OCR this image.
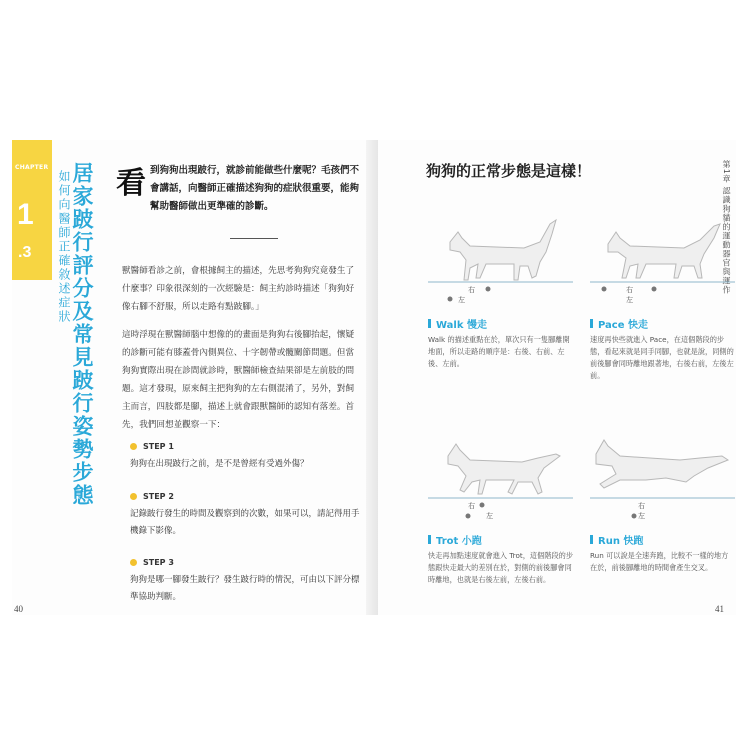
CHAPTER
1
.3 居家跛行評分及常見跛行姿勢步態
如何向醫師正確敘述症狀 看 到狗狗出現跛行，就診前能做些什麼呢？毛孩們不會講話，向醫師正確描述狗狗的症狀很重要，能夠幫助醫師做出更準確的診斷。
獸醫師看診之前，會根據飼主的描述，先思考狗狗究竟發生了什麼事？印象很深刻的一次經驗是：飼主約診時描述「狗狗好像右腳不舒服，所以走路有點跛腳。」
這時浮現在獸醫師腦中想像的的畫面是狗狗右後腳抬起，懷疑的診斷可能有膝蓋骨內側異位、十字韌帶或髖關節問題。但當狗狗實際出現在診間就診時，獸醫師檢查結果卻是左前肢的問題。這才發現，原來飼主把狗狗的左右側混淆了，另外，對飼主而言，四肢都是腳，描述上就會跟獸醫師的認知有落差。首先，我們回想並觀察一下：
STEP 1
狗狗在出現跛行之前，是不是曾經有受過外傷？
STEP 2
記錄跛行發生的時間及觀察到的次數，如果可以，請記得用手機錄下影像。
STEP 3
狗狗是哪一腳發生跛行？發生跛行時的情況，可由以下評分標準協助判斷。
40
狗狗的正常步態是這樣！	第1章 認識狗貓的運動器官與運作
右
左
Walk 慢走
Walk 的描述重點在於，單次只有一隻腳離開地面，所以走路的順序是：右後、右前、左後、左前。
右
左
Pace 快走
速度再快些就進入 Pace，在這個階段的步態，看起來就是同手同腳，也就是說，同側的前後腳會同時離地跟著地，右後右前，左後左前。
右
左
Trot 小跑
快走再加點速度就會進入 Trot，這個階段的步態跟快走最大的差別在於，對側的前後腳會同時離地，也就是右後左前，左後右前。
右
左
Run 快跑
Run 可以說是全速奔跑，比較不一樣的地方在於，前後腳離地的時間會產生交叉。
41
